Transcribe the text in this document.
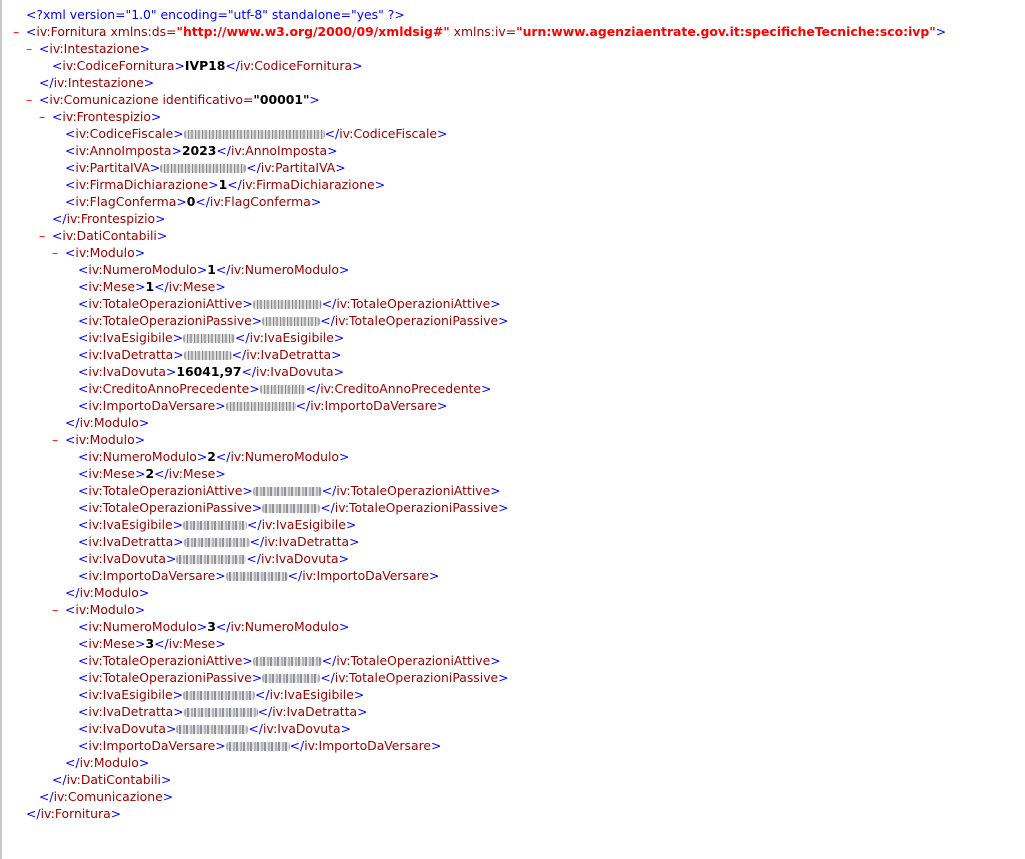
<?xml version="1.0" encoding="utf-8" standalone="yes" ?>
– <iv:Fornitura xmlns:ds="http://www.w3.org/2000/09/xmldsig#" xmlns:iv="urn:www.agenziaentrate.gov.it:specificheTecniche:sco:ivp">
– <iv:Intestazione>
<iv:CodiceFornitura>IVP18</iv:CodiceFornitura>
</iv:Intestazione>
– <iv:Comunicazione identificativo="00001">
– <iv:Frontespizio>
<iv:CodiceFiscale>	</iv:CodiceFiscale>
<iv:AnnoImposta>2023</iv:AnnoImposta>
<iv:PartitaIVA>	</iv:PartitaIVA>
<iv:FirmaDichiarazione>1</iv:FirmaDichiarazione>
<iv:FlagConferma>0</iv:FlagConferma>
</iv:Frontespizio>
– <iv:DatiContabili>
– <iv:Modulo>
<iv:NumeroModulo>1</iv:NumeroModulo>
<iv:Mese>1</iv:Mese>
<iv:TotaleOperazioniAttive>	</iv:TotaleOperazioniAttive>
<iv:TotaleOperazioniPassive>	</iv:TotaleOperazioniPassive>
<iv:IvaEsigibile>	</iv:IvaEsigibile>
<iv:IvaDetratta>	</iv:IvaDetratta>
<iv:IvaDovuta>16041,97</iv:IvaDovuta>
<iv:CreditoAnnoPrecedente>	</iv:CreditoAnnoPrecedente>
<iv:ImportoDaVersare>	</iv:ImportoDaVersare>
</iv:Modulo>
– <iv:Modulo>
<iv:NumeroModulo>2</iv:NumeroModulo>
<iv:Mese>2</iv:Mese>
<iv:TotaleOperazioniAttive>	</iv:TotaleOperazioniAttive>
<iv:TotaleOperazioniPassive>	</iv:TotaleOperazioniPassive>
<iv:IvaEsigibile>	</iv:IvaEsigibile>
<iv:IvaDetratta>	</iv:IvaDetratta>
<iv:IvaDovuta>	</iv:IvaDovuta>
<iv:ImportoDaVersare>	</iv:ImportoDaVersare>
</iv:Modulo>
– <iv:Modulo>
<iv:NumeroModulo>3</iv:NumeroModulo>
<iv:Mese>3</iv:Mese>
<iv:TotaleOperazioniAttive>	</iv:TotaleOperazioniAttive>
<iv:TotaleOperazioniPassive>	</iv:TotaleOperazioniPassive>
<iv:IvaEsigibile>	</iv:IvaEsigibile>
<iv:IvaDetratta>	</iv:IvaDetratta>
<iv:IvaDovuta>	</iv:IvaDovuta>
<iv:ImportoDaVersare>	</iv:ImportoDaVersare>
</iv:Modulo>
</iv:DatiContabili>
</iv:Comunicazione>
</iv:Fornitura>
